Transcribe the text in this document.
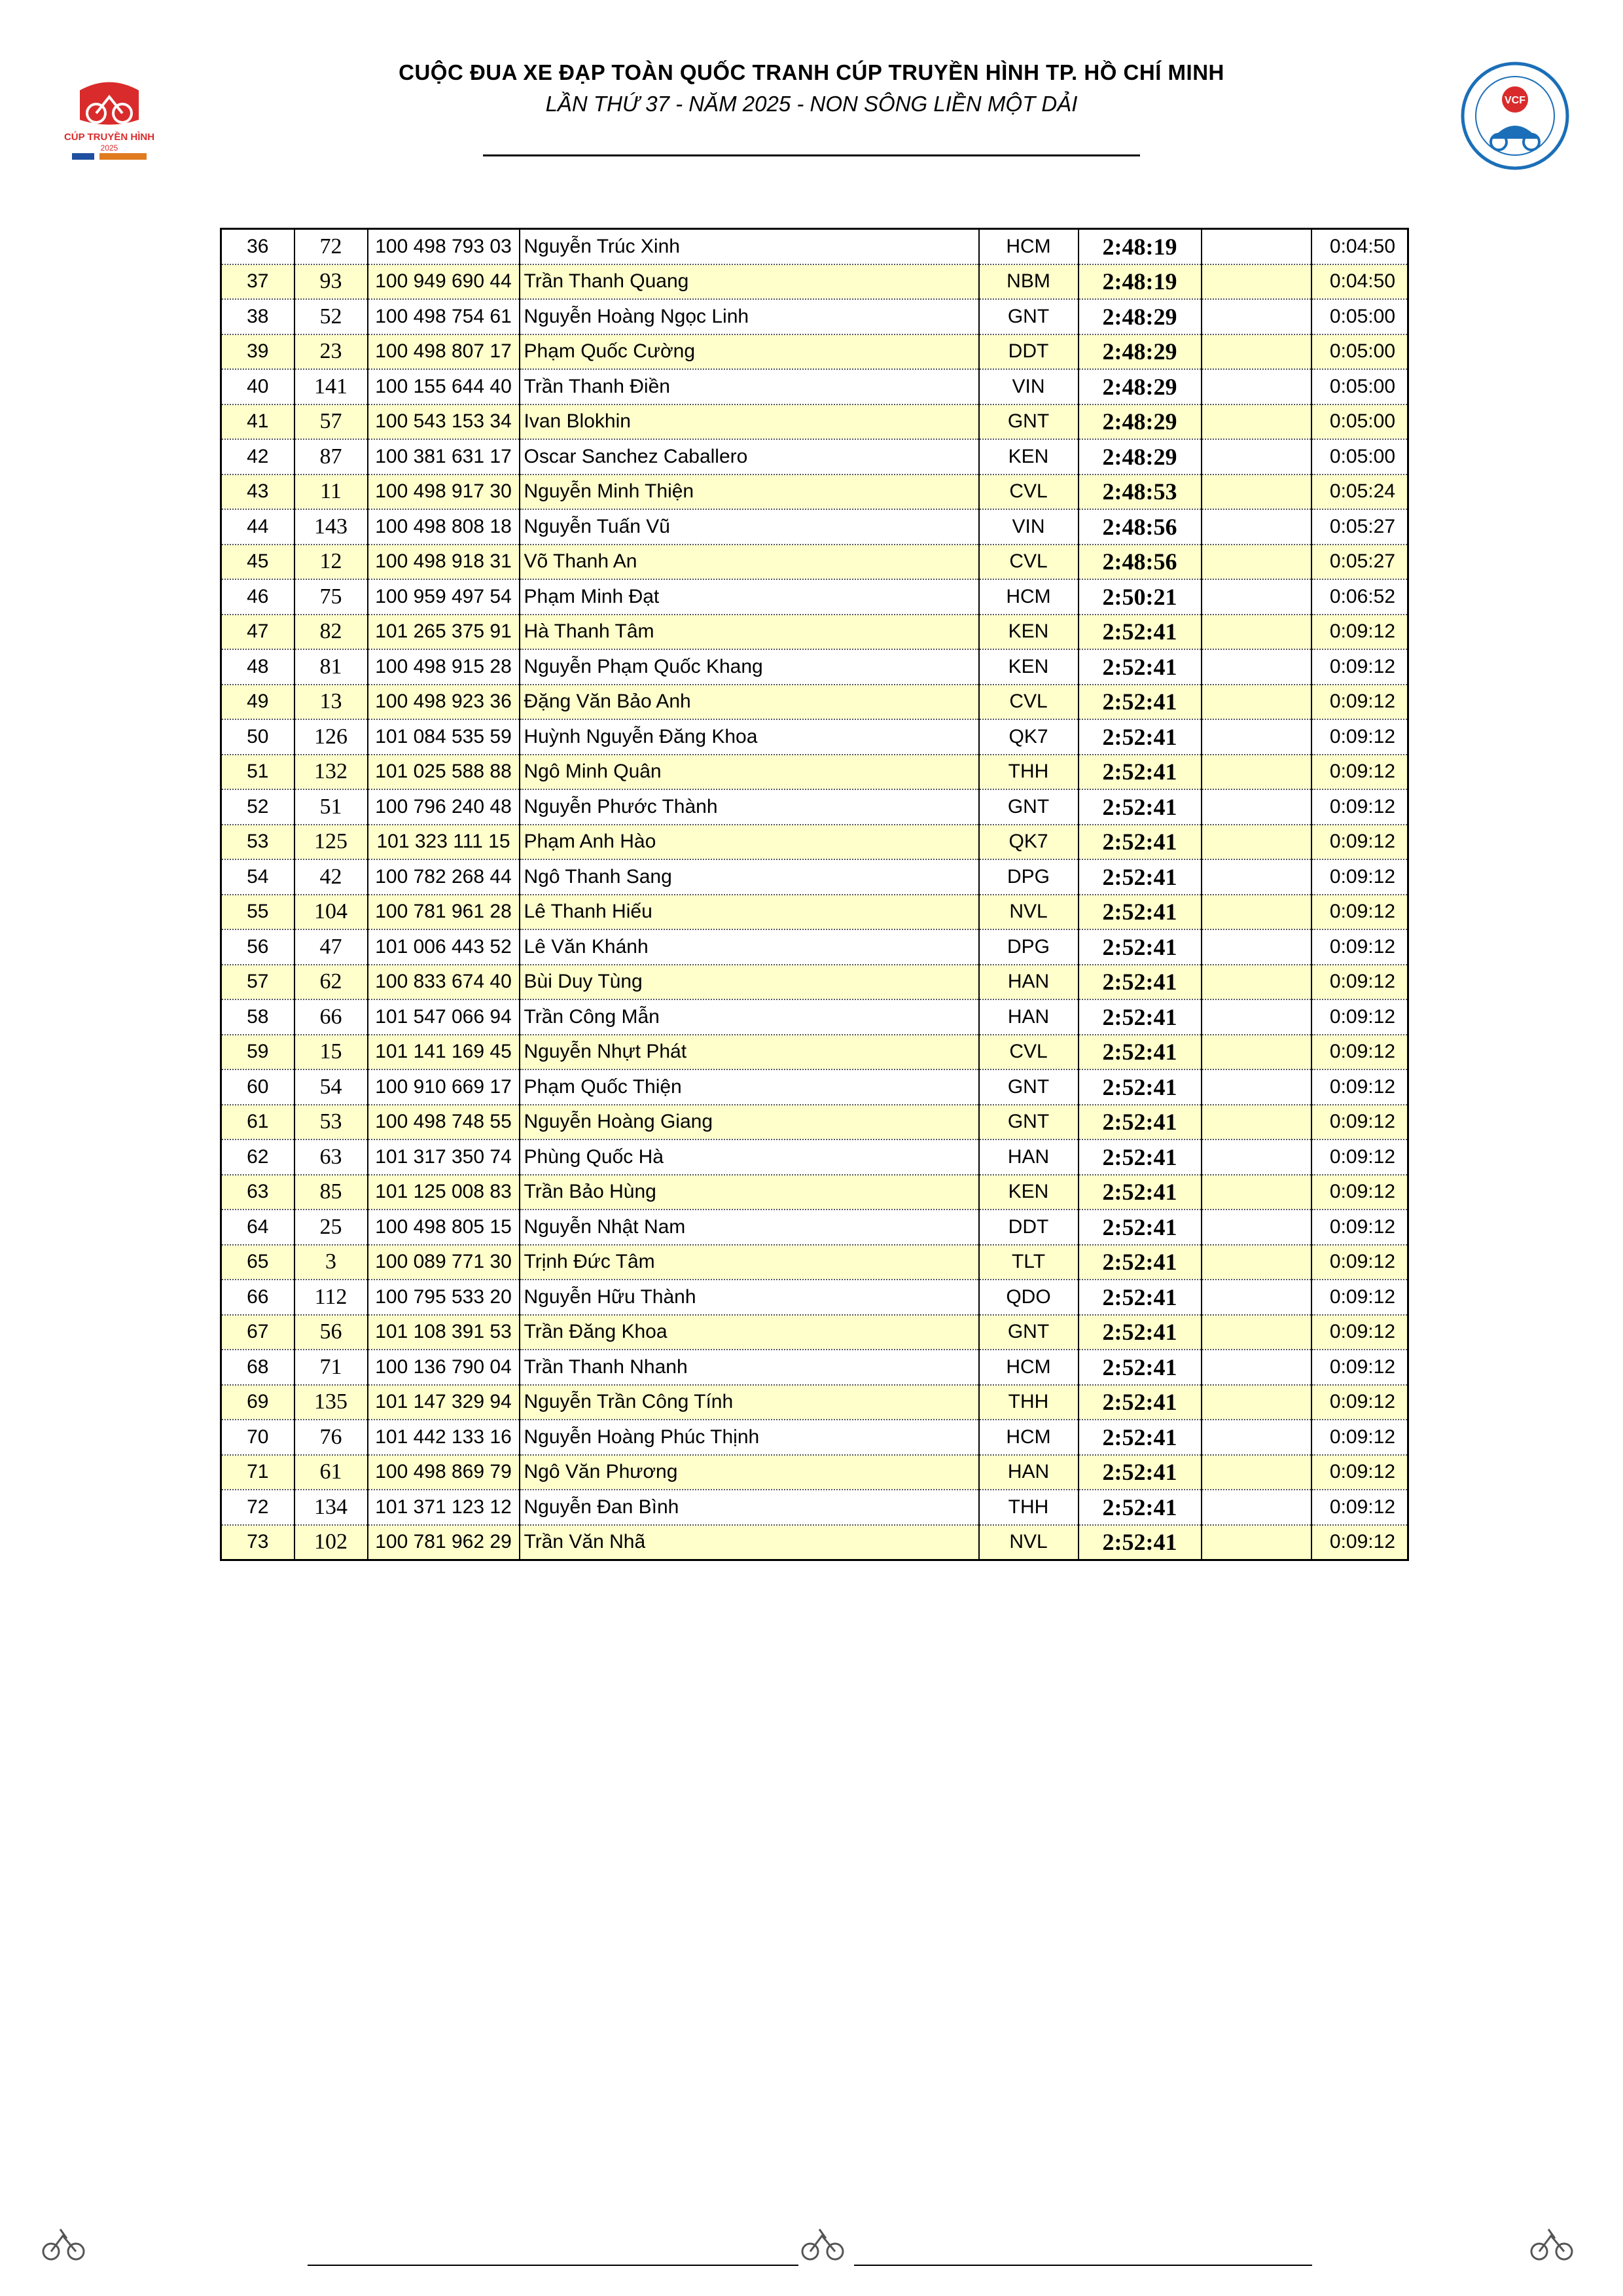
CÚP TRUYỀN HÌNH
2025
VCF
CUỘC ĐUA XE ĐẠP TOÀN QUỐC TRANH CÚP TRUYỀN HÌNH TP. HỒ CHÍ MINH
LẦN THỨ 37 - NĂM 2025 - NON SÔNG LIỀN MỘT DẢI
36	72	100 498 793 03	Nguyễn Trúc Xinh	HCM	2:48:19		0:04:50
37	93	100 949 690 44	Trần Thanh Quang	NBM	2:48:19		0:04:50
38	52	100 498 754 61	Nguyễn Hoàng Ngọc Linh	GNT	2:48:29		0:05:00
39	23	100 498 807 17	Phạm Quốc Cường	DDT	2:48:29		0:05:00
40	141	100 155 644 40	Trần Thanh Điền	VIN	2:48:29		0:05:00
41	57	100 543 153 34	Ivan Blokhin	GNT	2:48:29		0:05:00
42	87	100 381 631 17	Oscar Sanchez Caballero	KEN	2:48:29		0:05:00
43	11	100 498 917 30	Nguyễn Minh Thiện	CVL	2:48:53		0:05:24
44	143	100 498 808 18	Nguyễn Tuấn Vũ	VIN	2:48:56		0:05:27
45	12	100 498 918 31	Võ Thanh An	CVL	2:48:56		0:05:27
46	75	100 959 497 54	Phạm Minh Đạt	HCM	2:50:21		0:06:52
47	82	101 265 375 91	Hà Thanh Tâm	KEN	2:52:41		0:09:12
48	81	100 498 915 28	Nguyễn Phạm Quốc Khang	KEN	2:52:41		0:09:12
49	13	100 498 923 36	Đặng Văn Bảo Anh	CVL	2:52:41		0:09:12
50	126	101 084 535 59	Huỳnh Nguyễn Đăng Khoa	QK7	2:52:41		0:09:12
51	132	101 025 588 88	Ngô Minh Quân	THH	2:52:41		0:09:12
52	51	100 796 240 48	Nguyễn Phước Thành	GNT	2:52:41		0:09:12
53	125	101 323 111 15	Phạm Anh Hào	QK7	2:52:41		0:09:12
54	42	100 782 268 44	Ngô Thanh Sang	DPG	2:52:41		0:09:12
55	104	100 781 961 28	Lê Thanh Hiếu	NVL	2:52:41		0:09:12
56	47	101 006 443 52	Lê Văn Khánh	DPG	2:52:41		0:09:12
57	62	100 833 674 40	Bùi Duy Tùng	HAN	2:52:41		0:09:12
58	66	101 547 066 94	Trần Công Mẫn	HAN	2:52:41		0:09:12
59	15	101 141 169 45	Nguyễn Nhựt Phát	CVL	2:52:41		0:09:12
60	54	100 910 669 17	Phạm Quốc Thiện	GNT	2:52:41		0:09:12
61	53	100 498 748 55	Nguyễn Hoàng Giang	GNT	2:52:41		0:09:12
62	63	101 317 350 74	Phùng Quốc Hà	HAN	2:52:41		0:09:12
63	85	101 125 008 83	Trần Bảo Hùng	KEN	2:52:41		0:09:12
64	25	100 498 805 15	Nguyễn Nhật Nam	DDT	2:52:41		0:09:12
65	3	100 089 771 30	Trịnh Đức Tâm	TLT	2:52:41		0:09:12
66	112	100 795 533 20	Nguyễn Hữu Thành	QDO	2:52:41		0:09:12
67	56	101 108 391 53	Trần Đăng Khoa	GNT	2:52:41		0:09:12
68	71	100 136 790 04	Trần Thanh Nhanh	HCM	2:52:41		0:09:12
69	135	101 147 329 94	Nguyễn Trần Công Tính	THH	2:52:41		0:09:12
70	76	101 442 133 16	Nguyễn Hoàng Phúc Thịnh	HCM	2:52:41		0:09:12
71	61	100 498 869 79	Ngô Văn Phương	HAN	2:52:41		0:09:12
72	134	101 371 123 12	Nguyễn Đan Bình	THH	2:52:41		0:09:12
73	102	100 781 962 29	Trần Văn Nhã	NVL	2:52:41		0:09:12
